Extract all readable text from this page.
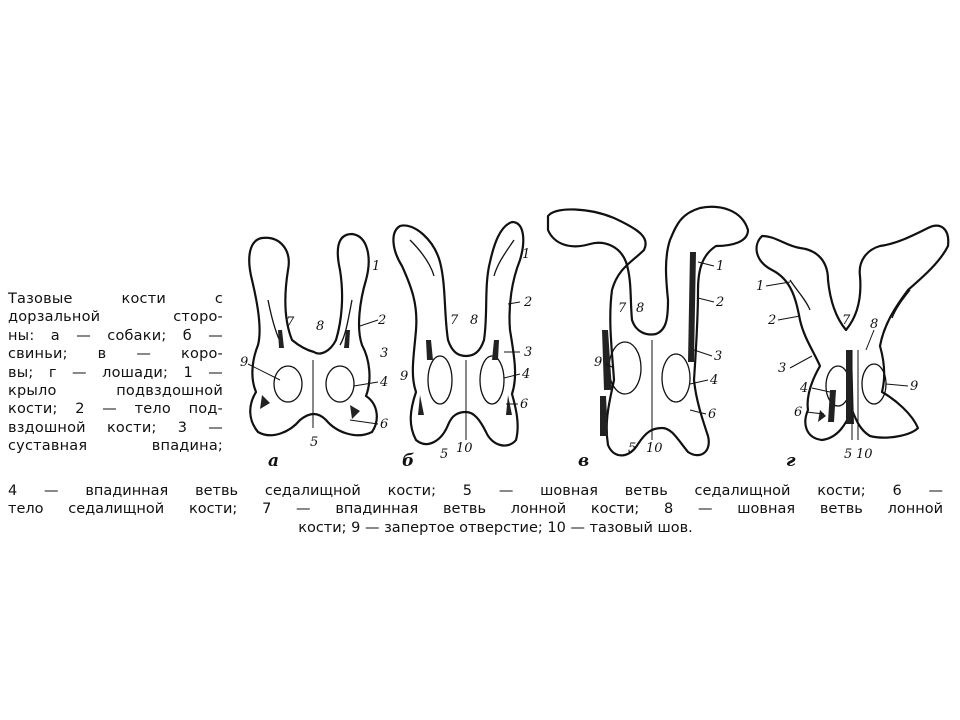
1
2
3
4
5
6
7 8
9
а
1
2
3
4
5
6
7 8
9
10
б
1
2
3
4
5
6
7 8
9
10
в
1
2
3
4
5
6
7 8
9
10
г
Тазовые кости с
дорзальной сторо-
ны: а — собаки; б —
свиньи; в — коро-
вы; г — лошади; 1 —
крыло подвздошной
кости; 2 — тело под-
вздошной кости; 3 —
суставная впадина;
4 — впадинная ветвь седалищной кости; 5 — шовная ветвь седалищной кости; 6 —
тело седалищной кости; 7 — впадинная ветвь лонной кости; 8 — шовная ветвь лонной
кости; 9 — запертое отверстие; 10 — тазовый шов.
